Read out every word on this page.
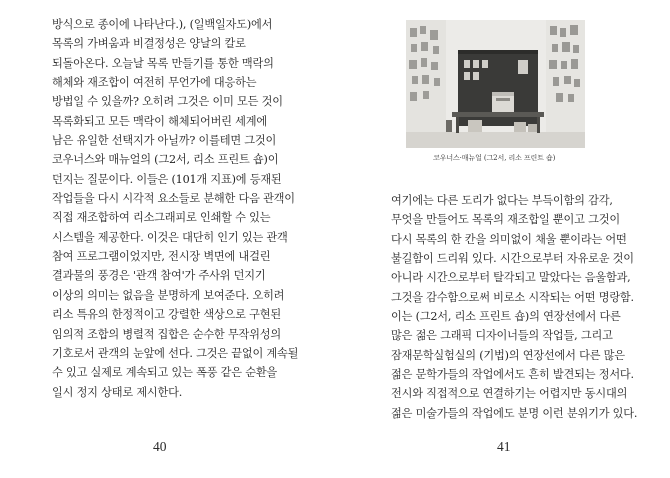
방식으로 종이에 나타난다.), (일백일자도)에서
목록의 가벼움과 비결정성은 양날의 칼로
되돌아온다. 오늘날 목록 만들기를 통한 맥락의
해체와 재조합이 여전히 무언가에 대응하는
방법일 수 있을까? 오히려 그것은 이미 모든 것이
목록화되고 모든 맥락이 해체되어버린 세계에
남은 유일한 선택지가 아닐까? 이를테면 그것이
코우너스와 매뉴얼의 (그2서, 리소 프린트 숍)이
던지는 질문이다. 이들은 (101개 지표)에 등재된
작업들을 다시 시각적 요소들로 분해한 다음 관객이
직접 재조합하여 리소그래피로 인쇄할 수 있는
시스템을 제공한다. 이것은 대단히 인기 있는 관객
참여 프로그램이었지만, 전시장 벽면에 내걸린
결과물의 풍경은 '관객 참여'가 주사위 던지기
이상의 의미는 없음을 분명하게 보여준다. 오히려
리소 특유의 한정적이고 강렬한 색상으로 구현된
임의적 조합의 병렬적 집합은 순수한 무작위성의
기호로서 관객의 눈앞에 선다. 그것은 끝없이 계속될
수 있고 실제로 계속되고 있는 폭풍 같은 순환을
일시 정지 상태로 제시한다.
40
코우너스·매뉴얼 (그2서, 리소 프린트 숍)
여기에는 다른 도리가 없다는 부득이함의 감각,
무엇을 만들어도 목록의 재조합일 뿐이고 그것이
다시 목록의 한 칸을 의미없이 채울 뿐이라는 어떤
불길함이 드리워 있다. 시간으로부터 자유로운 것이
아니라 시간으로부터 탈각되고 말았다는 음울함과,
그것을 감수함으로써 비로소 시작되는 어떤 명랑함.
이는 (그2서, 리소 프린트 숍)의 연장선에서 다른
많은 젊은 그래픽 디자이너들의 작업들, 그리고
잠재문학실험실의 (기법)의 연장선에서 다른 많은
젊은 문학가들의 작업에서도 흔히 발견되는 정서다.
전시와 직접적으로 연결하기는 어렵지만 동시대의
젊은 미술가들의 작업에도 분명 이런 분위기가 있다.
41
